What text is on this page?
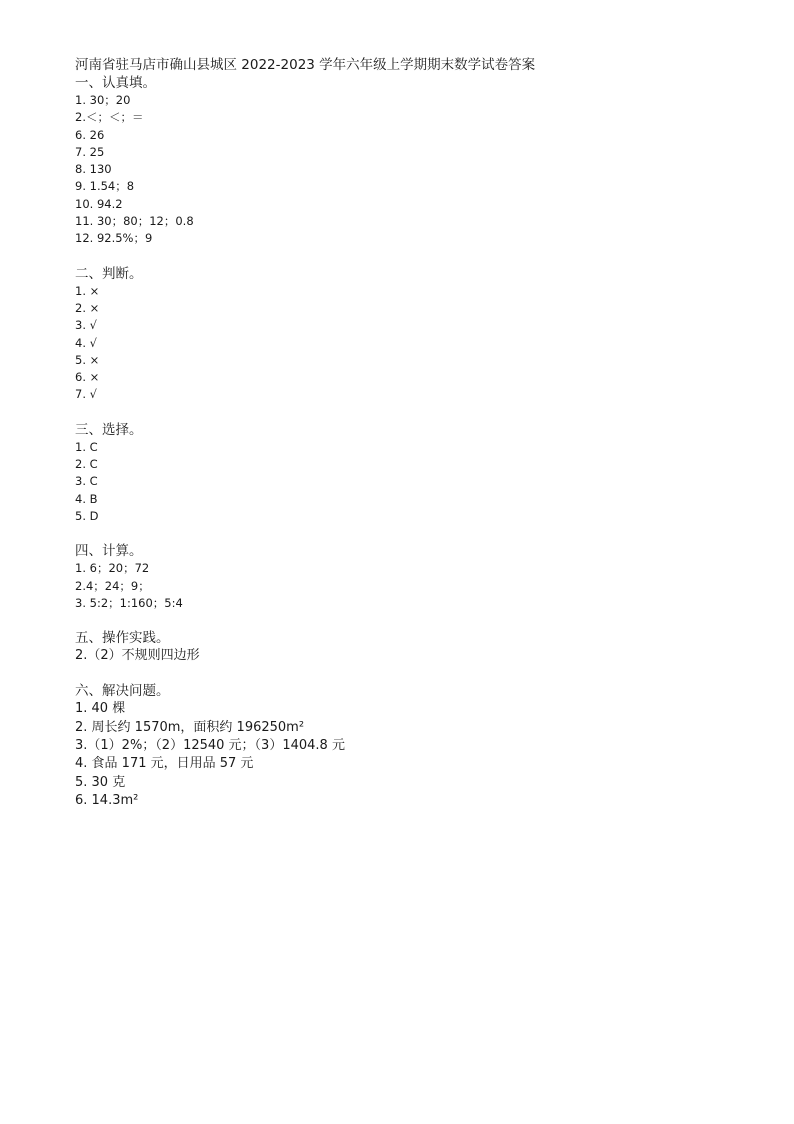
河南省驻马店市确山县城区 2022-2023 学年六年级上学期期末数学试卷答案
一、认真填。
1. 30；20
2.＜；＜；＝
6. 26
7. 25
8. 130
9. 1.54；8
10. 94.2
11. 30；80；12；0.8
12. 92.5%；9
二、判断。
1. ×
2. ×
3. √
4. √
5. ×
6. ×
7. √
三、选择。
1. C
2. C
3. C
4. B
5. D
四、计算。
1. 6；20；72
2.4；24；9；
3. 5:2；1:160；5:4
五、操作实践。
2.（2）不规则四边形
六、解决问题。
1. 40 棵
2. 周长约 1570m，面积约 196250m²
3.（1）2%；（2）12540 元；（3）1404.8 元
4. 食品 171 元，日用品 57 元
5. 30 克
6. 14.3m²
